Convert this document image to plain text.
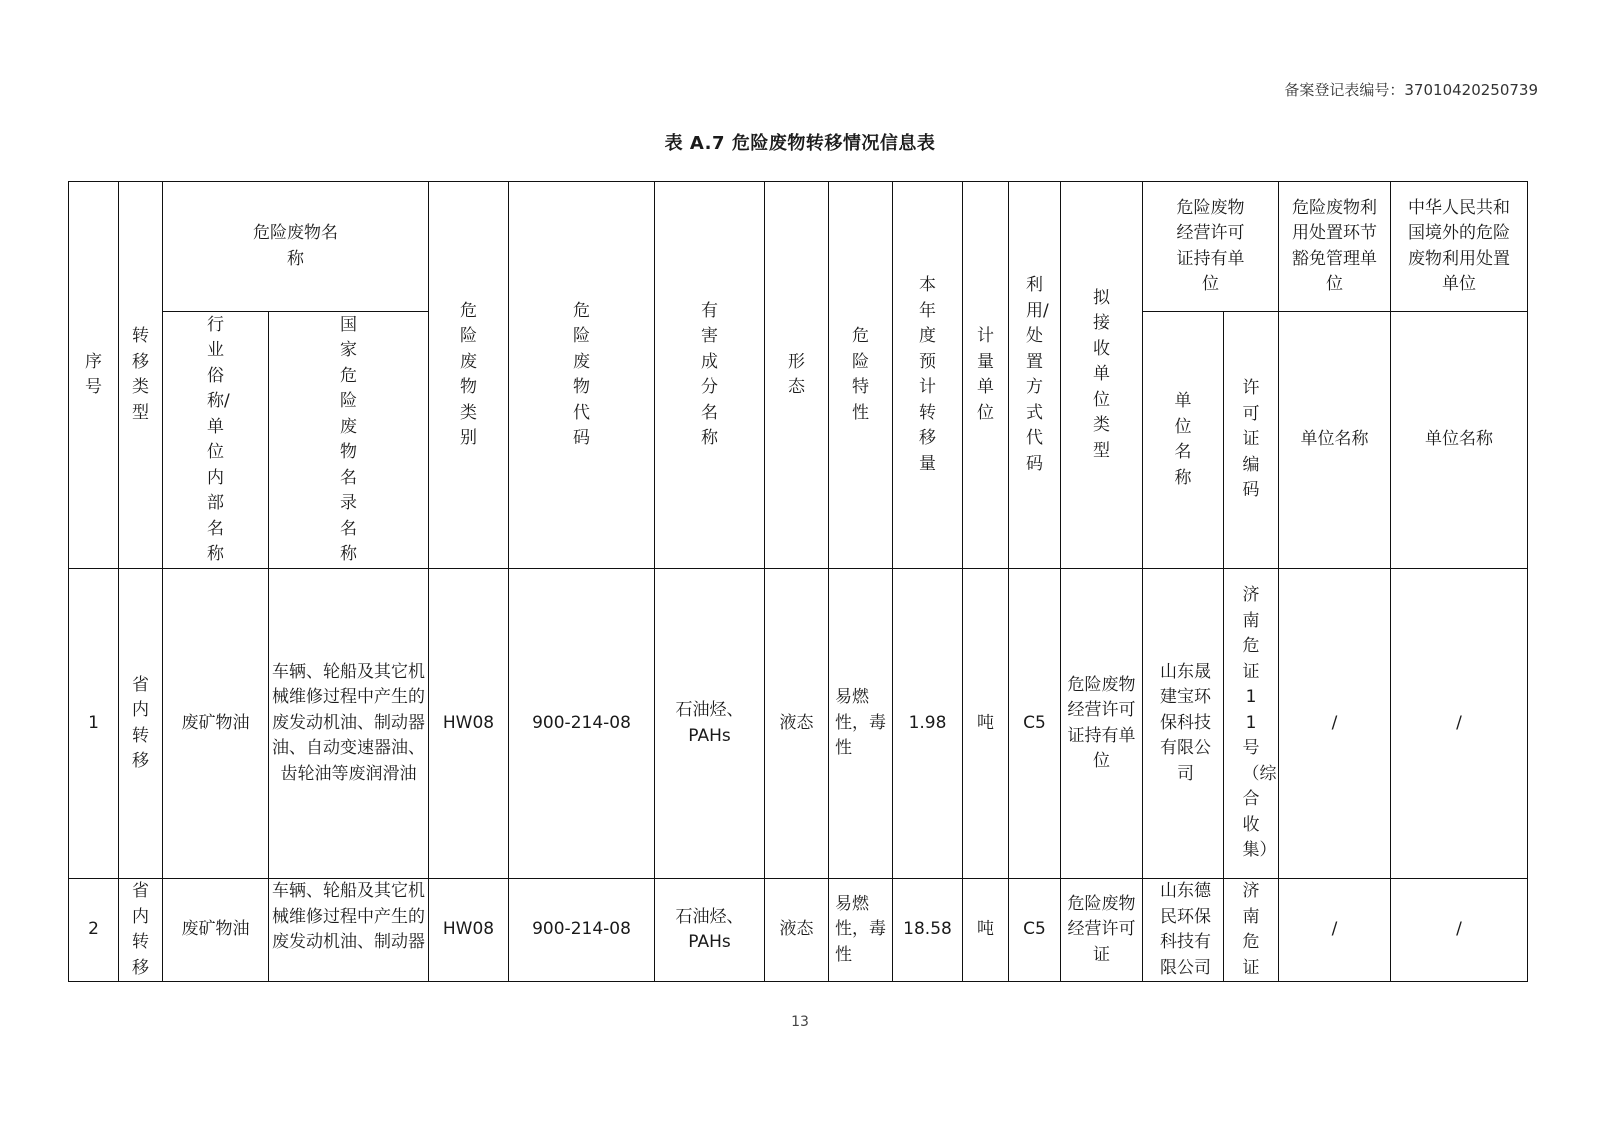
备案登记表编号：37010420250739
表 A.7 危险废物转移情况信息表
序号	转移类型	危险废物名称		危险废物类别	危险废物代码	有害成分名称	形态	危险特性	本年度预计转移量	计量单位	利用/处置方式代码	拟接收单位类型	危险废物经营许可证持有单位		危险废物利用处置环节豁免管理单位	中华人民共和国境外的危险废物利用处置单位

		行业俗称/单位内部名称	国家危险废物名录名称										单位名称	许可证编码	单位名称	单位名称
1	省内转移	废矿物油	车辆、轮船及其它机械维修过程中产生的废发动机油、制动器油、自动变速器油、齿轮油等废润滑油	HW08	900-214-08	石油烃、PAHs	液态	易燃性，毒性	1.98	吨	C5	危险废物经营许可证持有单位	山东晟建宝环保科技有限公司	济南危证11号（综合收集）	/	/
2	省内转移	废矿物油	车辆、轮船及其它机械维修过程中产生的废发动机油、制动器	HW08	900-214-08	石油烃、PAHs	液态	易燃性，毒性	18.58	吨	C5	危险废物经营许可证	山东德民环保科技有限公司	济南危证	/	/
13
